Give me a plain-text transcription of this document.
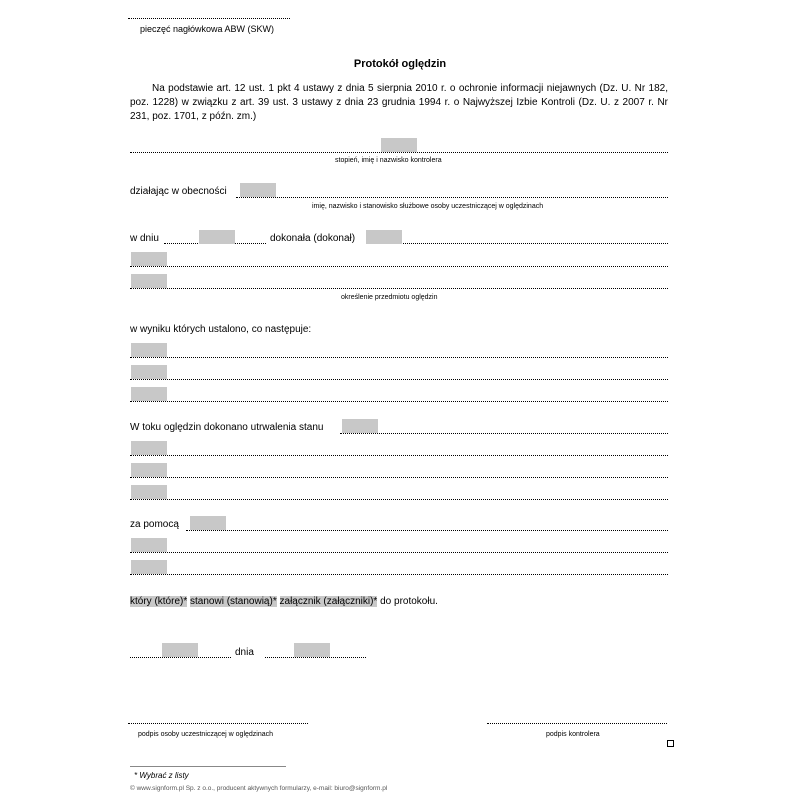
pieczęć nagłówkowa ABW (SKW)
Protokół oględzin
Na podstawie art. 12 ust. 1 pkt 4 ustawy z dnia 5 sierpnia 2010 r. o ochronie informacji niejawnych (Dz. U. Nr 182, poz. 1228) w związku z art. 39 ust. 3 ustawy z dnia 23 grudnia 1994 r. o Najwyższej Izbie Kontroli (Dz. U. z 2007 r. Nr 231, poz. 1701, z późn. zm.)
stopień, imię i nazwisko kontrolera
działając w obecności
imię, nazwisko i stanowisko służbowe osoby uczestniczącej w oględzinach
w dniu	dokonała (dokonał)
określenie przedmiotu oględzin
w wyniku których ustalono, co następuje:
W toku oględzin dokonano utrwalenia stanu
za pomocą
który (które)* stanowi (stanowią)* załącznik (załączniki)* do protokołu.
dnia
podpis osoby uczestniczącej w oględzinach	podpis kontrolera
* Wybrać z listy
© www.signform.pl Sp. z o.o., producent aktywnych formularzy, e-mail: biuro@signform.pl
